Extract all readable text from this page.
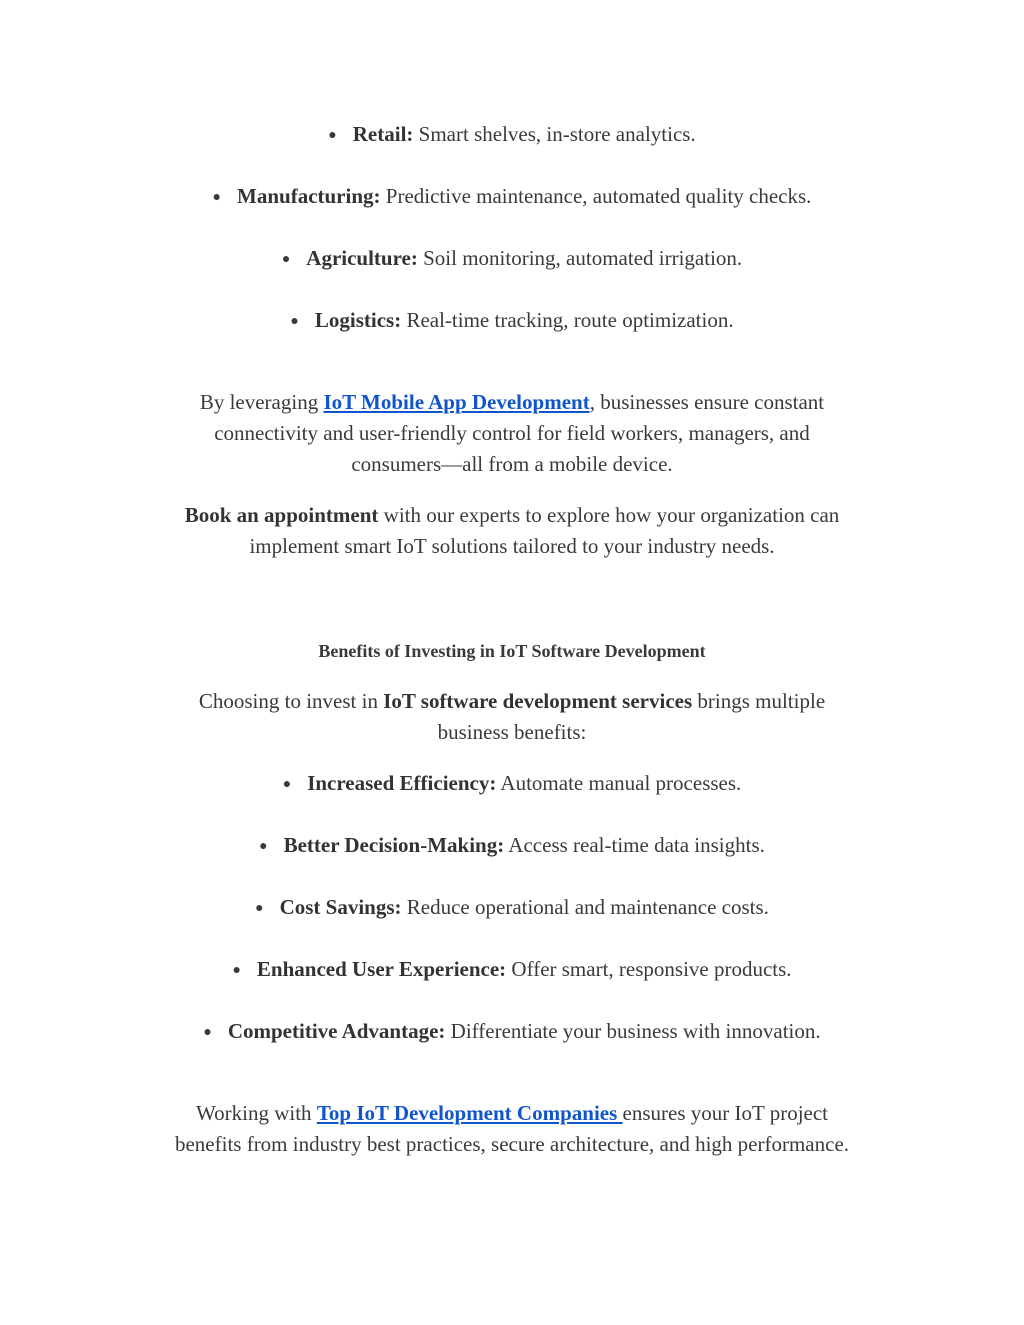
● Retail: Smart shelves, in-store analytics.
● Manufacturing: Predictive maintenance, automated quality checks.
● Agriculture: Soil monitoring, automated irrigation.
● Logistics: Real-time tracking, route optimization.
By leveraging IoT Mobile App Development, businesses ensure constant
connectivity and user-friendly control for field workers, managers, and
consumers—all from a mobile device.
Book an appointment with our experts to explore how your organization can
implement smart IoT solutions tailored to your industry needs.
Benefits of Investing in IoT Software Development
Choosing to invest in IoT software development services brings multiple
business benefits:
● Increased Efficiency: Automate manual processes.
● Better Decision-Making: Access real-time data insights.
● Cost Savings: Reduce operational and maintenance costs.
● Enhanced User Experience: Offer smart, responsive products.
● Competitive Advantage: Differentiate your business with innovation.
Working with Top IoT Development Companies ensures your IoT project
benefits from industry best practices, secure architecture, and high performance.
